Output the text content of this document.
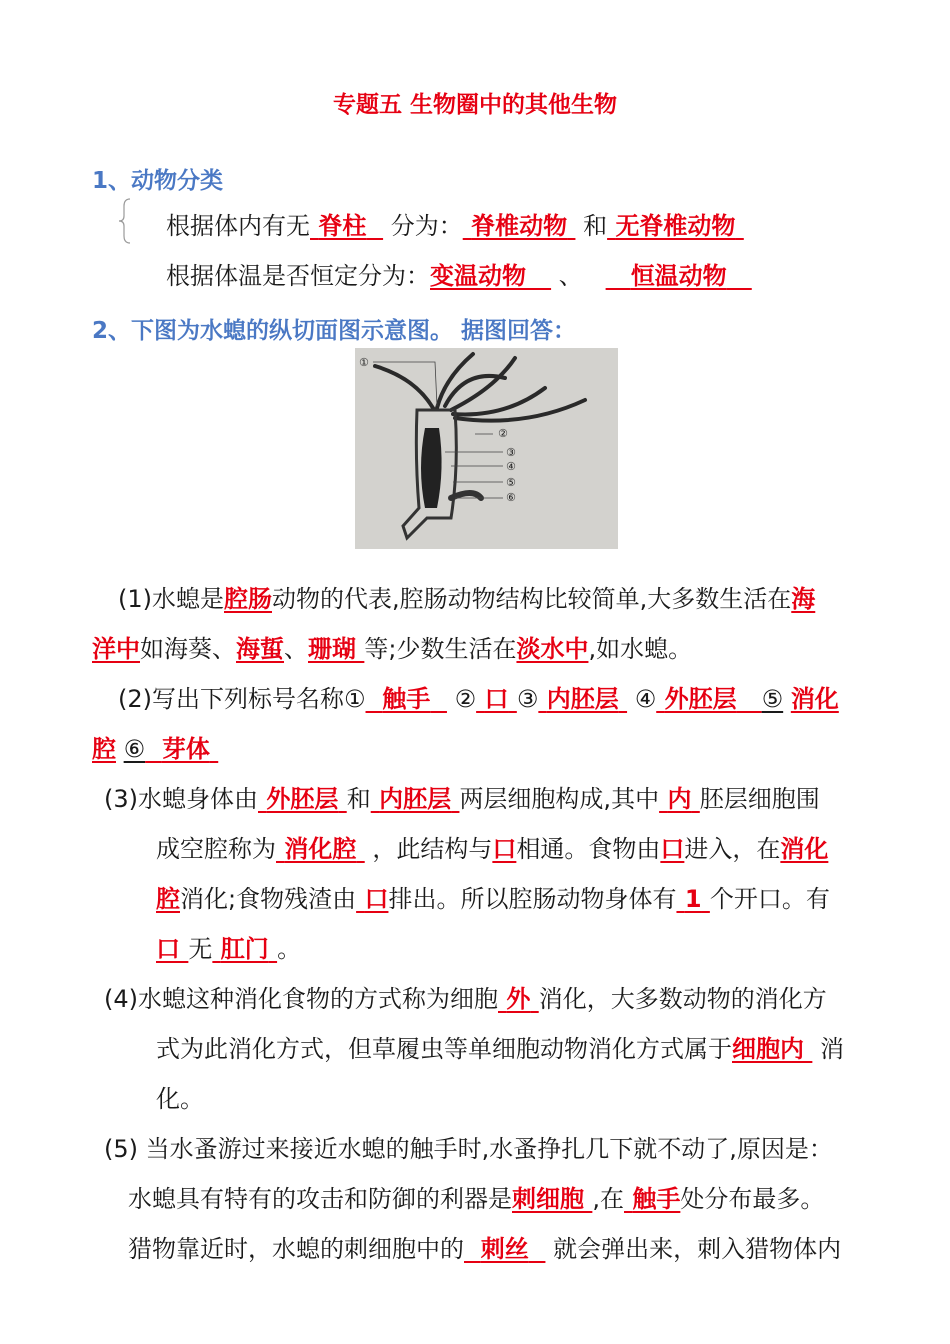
专题五 生物圈中的其他生物
1、动物分类
根据体内有无 脊柱 分为： 脊椎动物 和 无脊椎动物
根据体温是否恒定分为：变温动物 、 恒温动物
2、下图为水螅的纵切面图示意图。 据图回答：
①
②
③
④
⑤
⑥
(1)水螅是腔肠动物的代表,腔肠动物结构比较简单,大多数生活在海
洋中如海葵、海蜇、珊瑚 等;少数生活在淡水中,如水螅。
(2)写出下列标号名称① 触手 ② 口 ③ 内胚层 ④ 外胚层 ⑤ 消化
腔 ⑥ 芽体
(3)水螅身体由 外胚层 和 内胚层 两层细胞构成,其中 内 胚层细胞围
成空腔称为 消化腔 ，此结构与口相通。食物由口进入，在消化
腔消化;食物残渣由 口排出。所以腔肠动物身体有 1 个开口。有
口 无 肛门 。
(4)水螅这种消化食物的方式称为细胞 外 消化，大多数动物的消化方
式为此消化方式，但草履虫等单细胞动物消化方式属于细胞内 消
化。
(5) 当水蚤游过来接近水螅的触手时,水蚤挣扎几下就不动了,原因是：
水螅具有特有的攻击和防御的利器是刺细胞 ,在 触手处分布最多。
猎物靠近时，水螅的刺细胞中的 刺丝 就会弹出来，刺入猎物体内
